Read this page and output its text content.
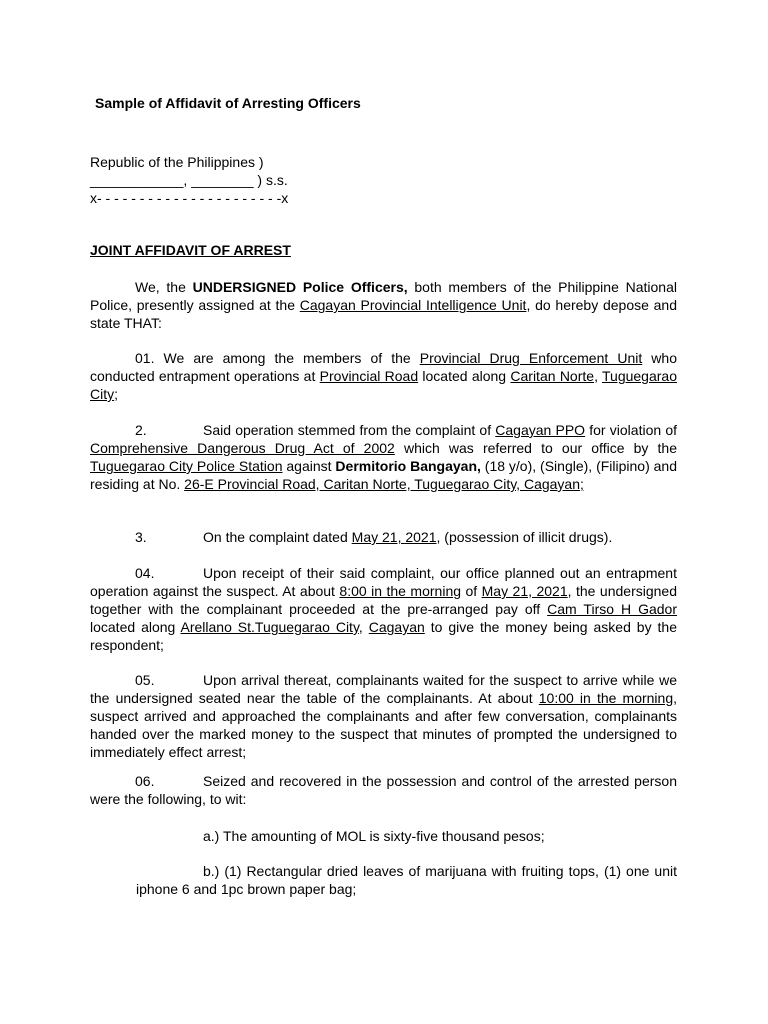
Sample of Affidavit of Arresting Officers
Republic of the Philippines )
____________, ________ ) s.s.
x- - - - - - - - - - - - - - - - - - - - - -x
JOINT AFFIDAVIT OF ARREST

We, the UNDERSIGNED Police Officers, both members of the Philippine National Police, presently assigned at the Cagayan Provincial Intelligence Unit, do hereby depose and state THAT:

01. We are among the members of the Provincial Drug Enforcement Unit who conducted entrapment operations at Provincial Road located along Caritan Norte, Tuguegarao City;

2.	Said operation stemmed from the complaint of Cagayan PPO for violation of Comprehensive Dangerous Drug Act of 2002 which was referred to our office by the Tuguegarao City Police Station against Dermitorio Bangayan, (18 y/o), (Single), (Filipino) and residing at No. 26-E Provincial Road, Caritan Norte, Tuguegarao City, Cagayan;

3.	On the complaint dated May 21, 2021, (possession of illicit drugs).

04.	Upon receipt of their said complaint, our office planned out an entrapment operation against the suspect. At about 8:00 in the morning of May 21, 2021, the undersigned together with the complainant proceeded at the pre-arranged pay off Cam Tirso H Gador located along Arellano St.Tuguegarao City, Cagayan to give the money being asked by the respondent;

05.	Upon arrival thereat, complainants waited for the suspect to arrive while we the undersigned seated near the table of the complainants. At about 10:00 in the morning, suspect arrived and approached the complainants and after few conversation, complainants handed over the marked money to the suspect that minutes of prompted the undersigned to immediately effect arrest;

06.	Seized and recovered in the possession and control of the arrested person were the following, to wit:

a.) The amounting of MOL is sixty-five thousand pesos;

b.) (1) Rectangular dried leaves of marijuana with fruiting tops, (1) one unit iphone 6 and 1pc brown paper bag;
